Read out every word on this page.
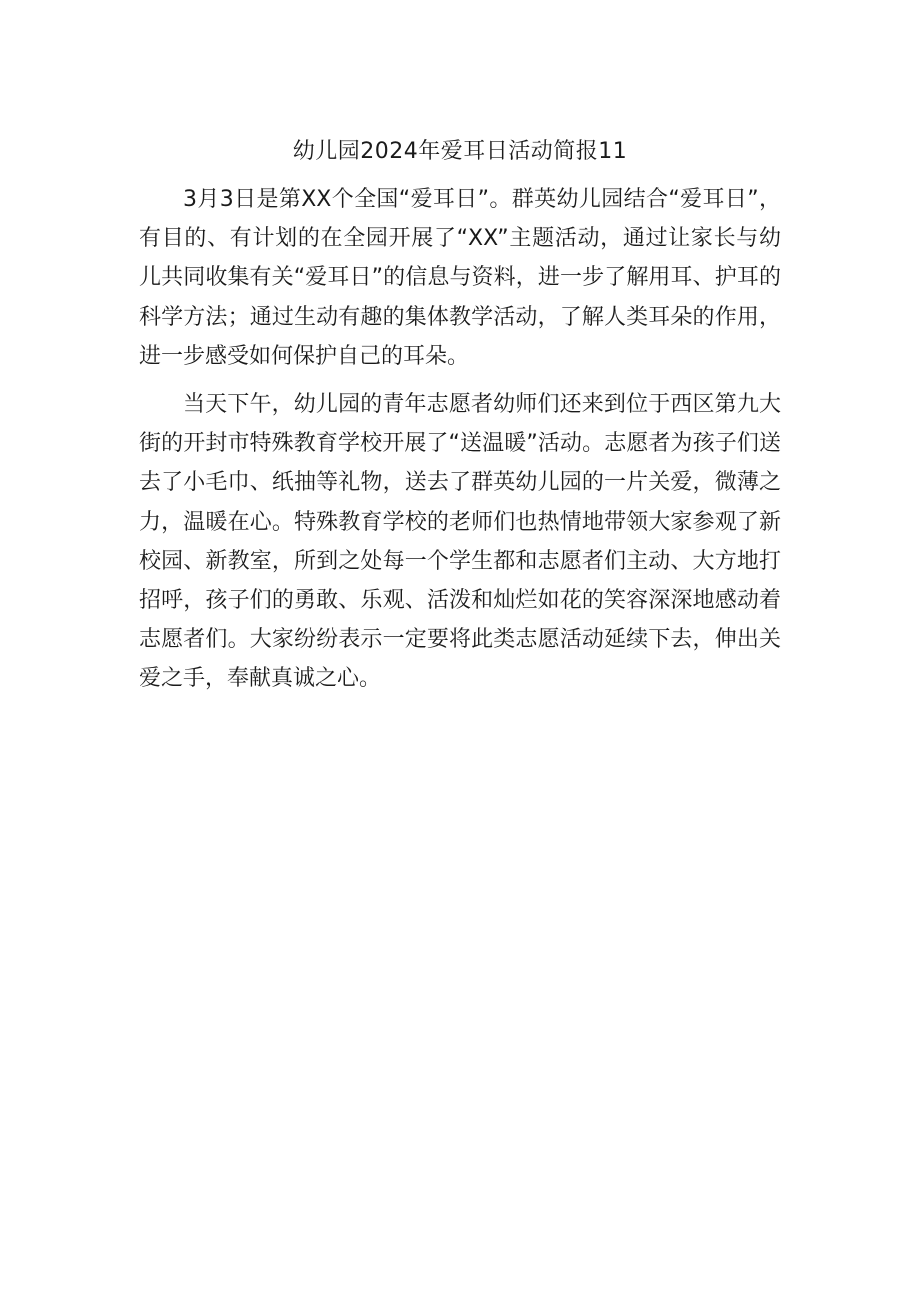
幼儿园2024年爱耳日活动简报11

3月3日是第XX个全国“爱耳日”。群英幼儿园结合“爱耳日”，有目的、有计划的在全园开展了“XX”主题活动，通过让家长与幼儿共同收集有关“爱耳日”的信息与资料，进一步了解用耳、护耳的科学方法；通过生动有趣的集体教学活动，了解人类耳朵的作用，进一步感受如何保护自己的耳朵。

当天下午，幼儿园的青年志愿者幼师们还来到位于西区第九大街的开封市特殊教育学校开展了“送温暖”活动。志愿者为孩子们送去了小毛巾、纸抽等礼物，送去了群英幼儿园的一片关爱，微薄之力，温暖在心。特殊教育学校的老师们也热情地带领大家参观了新校园、新教室，所到之处每一个学生都和志愿者们主动、大方地打招呼，孩子们的勇敢、乐观、活泼和灿烂如花的笑容深深地感动着志愿者们。大家纷纷表示一定要将此类志愿活动延续下去，伸出关爱之手，奉献真诚之心。
